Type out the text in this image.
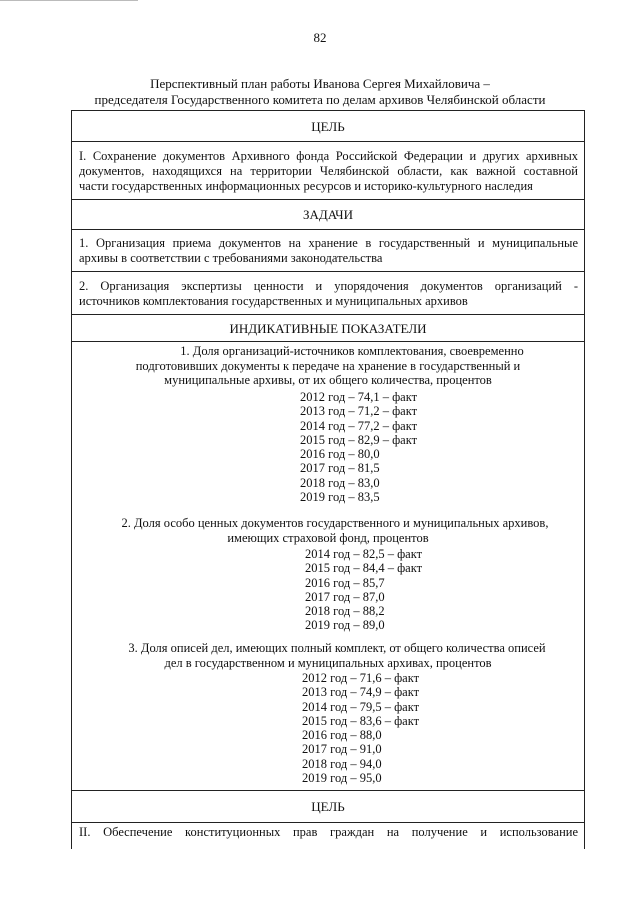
82
Перспективный план работы Иванова Сергея Михайловича –
председателя Государственного комитета по делам архивов Челябинской области
ЦЕЛЬ
I. Сохранение документов Архивного фонда Российской Федерации и других архивных
документов, находящихся на территории Челябинской области, как важной составной
части государственных информационных ресурсов и историко-культурного наследия
ЗАДАЧИ
1. Организация приема документов на хранение в государственный и муниципальные
архивы в соответствии с требованиями законодательства
2. Организация экспертизы ценности и упорядочения документов организаций -
источников комплектования государственных и муниципальных архивов
ИНДИКАТИВНЫЕ ПОКАЗАТЕЛИ
1. Доля организаций-источников комплектования, своевременно
подготовивших документы к передаче на хранение в государственный и
муниципальные архивы, от их общего количества, процентов
2012 год – 74,1 – факт
2013 год – 71,2 – факт
2014 год – 77,2 – факт
2015 год – 82,9 – факт
2016 год – 80,0
2017 год – 81,5
2018 год – 83,0
2019 год – 83,5
2. Доля особо ценных документов государственного и муниципальных архивов,
имеющих страховой фонд, процентов
2014 год – 82,5 – факт
2015 год – 84,4 – факт
2016 год – 85,7
2017 год – 87,0
2018 год – 88,2
2019 год – 89,0
3. Доля описей дел, имеющих полный комплект, от общего количества описей
дел в государственном и муниципальных архивах, процентов
2012 год – 71,6 – факт
2013 год – 74,9 – факт
2014 год – 79,5 – факт
2015 год – 83,6 – факт
2016 год – 88,0
2017 год – 91,0
2018 год – 94,0
2019 год – 95,0
ЦЕЛЬ
II. Обеспечение конституционных прав граждан на получение и использование
